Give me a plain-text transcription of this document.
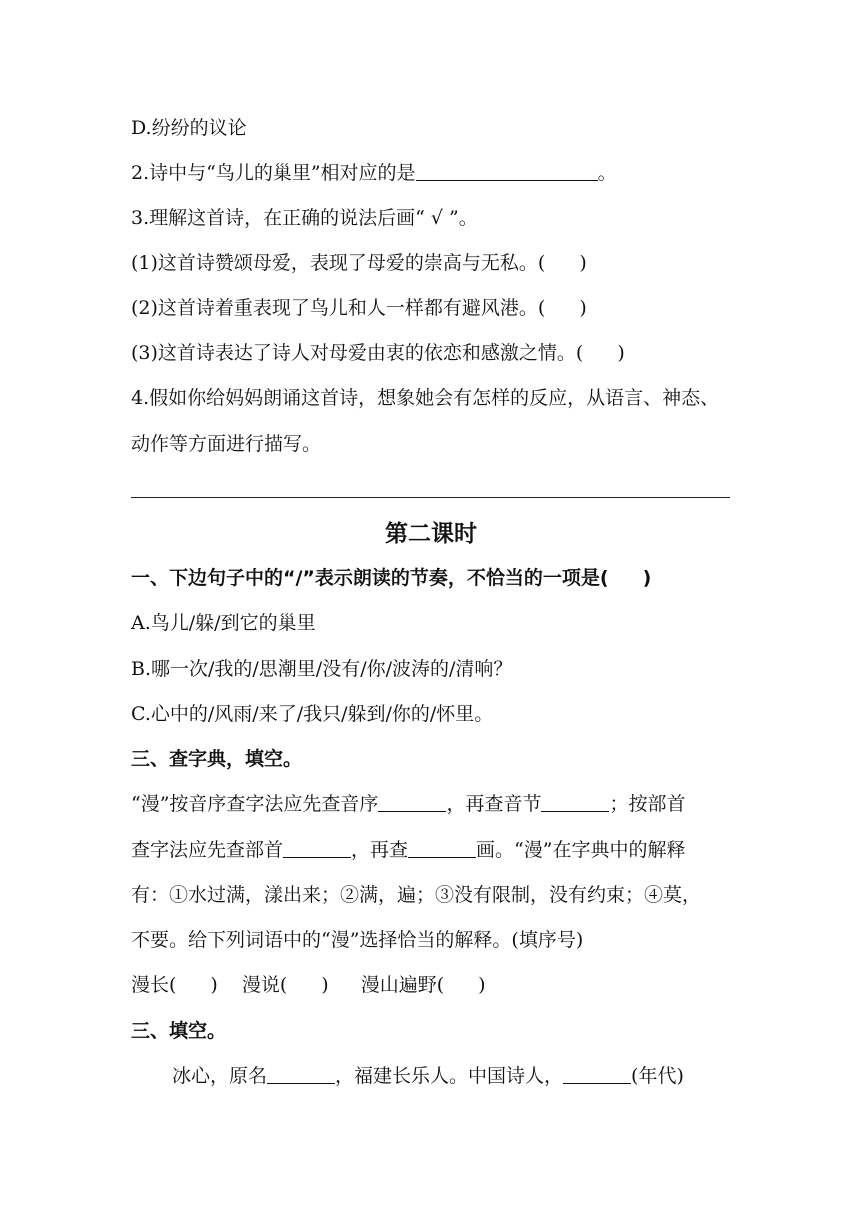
D.纷纷的议论
2.诗中与“鸟儿的巢里”相对应的是	。
3.理解这首诗，在正确的说法后画“ √ ”。
(1)这首诗赞颂母爱，表现了母爱的崇高与无私。( )
(2)这首诗着重表现了鸟儿和人一样都有避风港。( )
(3)这首诗表达了诗人对母爱由衷的依恋和感激之情。( )
4.假如你给妈妈朗诵这首诗，想象她会有怎样的反应，从语言、神态、
动作等方面进行描写。
第二课时
一、下边句子中的“/”表示朗读的节奏，不恰当的一项是( )
A.鸟儿/躲/到它的巢里
B.哪一次/我的/思潮里/没有/你/波涛的/清响？
C.心中的/风雨/来了/我只/躲到/你的/怀里。
三、查字典，填空。
“漫”按音序查字法应先查音序	，再查音节	；按部首
查字法应先查部首	，再查	画。“漫”在字典中的解释
有：①水过满，漾出来；②满，遍；③没有限制，没有约束；④莫，
不要。给下列词语中的“漫”选择恰当的解释。(填序号)
漫长( ) 漫说( ) 漫山遍野( )
三、填空。
冰心，原名	，福建长乐人。中国诗人，	(年代)
